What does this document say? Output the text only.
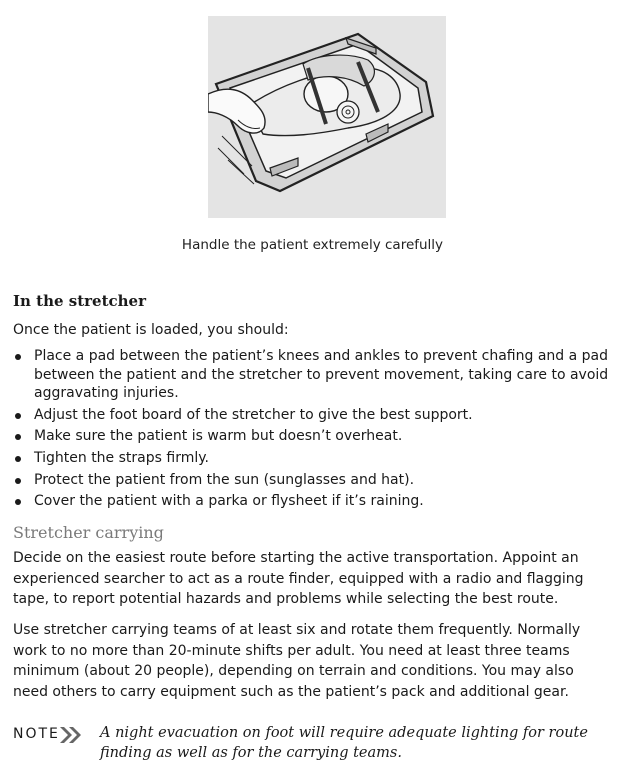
Handle the patient extremely carefully
In the stretcher

Once the patient is loaded, you should:

Place a pad between the patient’s knees and ankles to prevent chafing and a pad between the patient and the stretcher to prevent movement, taking care to avoid aggravating injuries.
Adjust the foot board of the stretcher to give the best support.
Make sure the patient is warm but doesn’t overheat.
Tighten the straps firmly.
Protect the patient from the sun (sunglasses and hat).
Cover the patient with a parka or flysheet if it’s raining.
Stretcher carrying

Decide on the easiest route before starting the active transportation. Appoint an experienced searcher to act as a route finder, equipped with a radio and flagging tape, to report potential hazards and problems while selecting the best route.

Use stretcher carrying teams of at least six and rotate them frequently. Normally work to no more than 20-minute shifts per adult. You need at least three teams minimum (about 20 people), depending on terrain and conditions. You may also need others to carry equipment such as the patient’s pack and additional gear.

NOTE	A night evacuation on foot will require adequate lighting for route finding as well as for the carrying teams.
